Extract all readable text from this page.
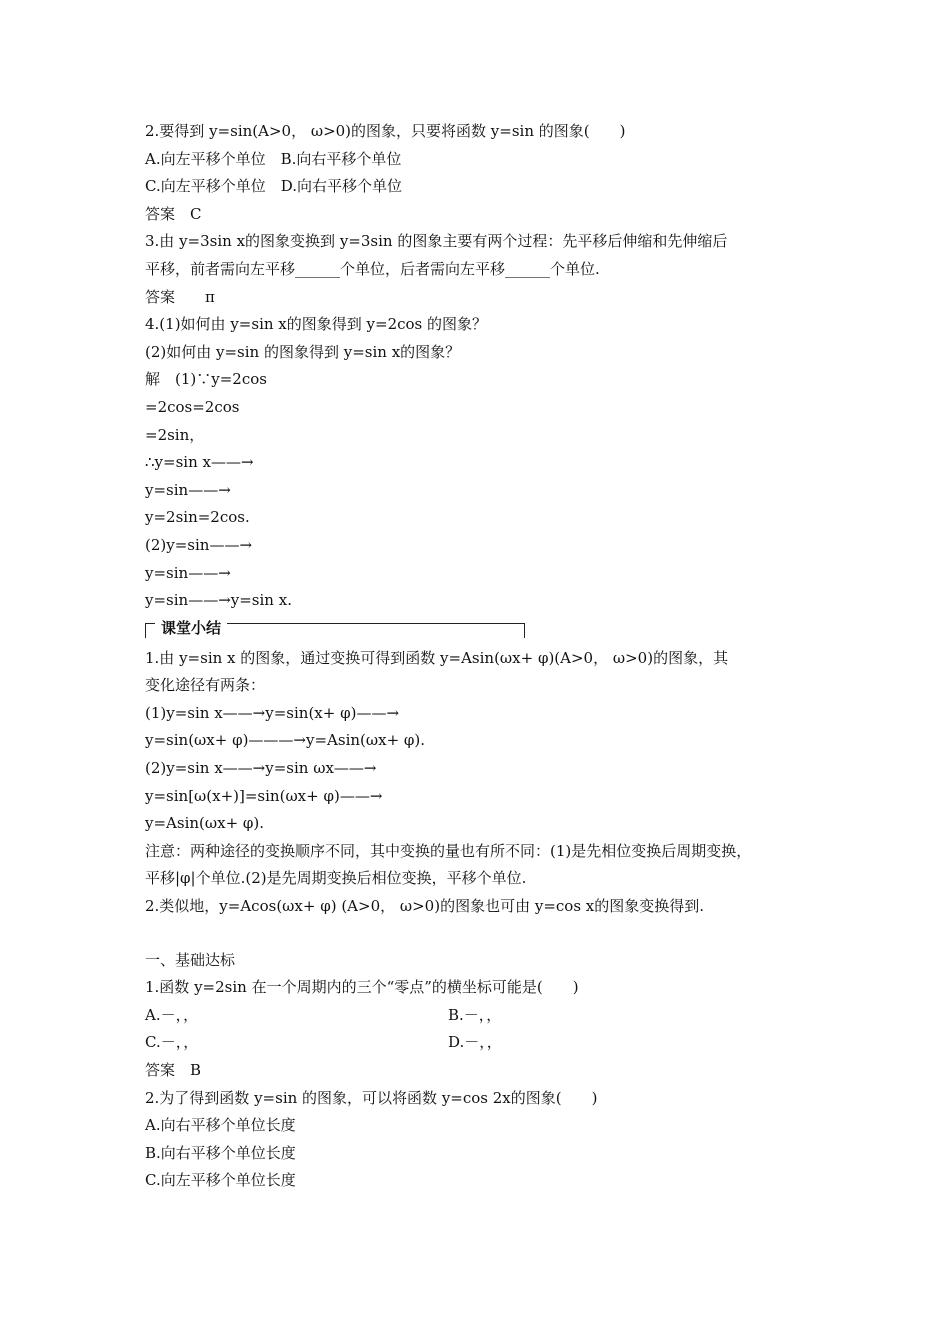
2.要得到 y=sin(A>0， ω>0)的图象，只要将函数 y=sin 的图象(　　)
A.向左平移个单位　B.向右平移个单位
C.向左平移个单位　D.向右平移个单位
答案　C
3.由 y=3sin x的图象变换到 y=3sin 的图象主要有两个过程：先平移后伸缩和先伸缩后
平移，前者需向左平移______个单位，后者需向左平移______个单位.
答案　　π
4.(1)如何由 y=sin x的图象得到 y=2cos 的图象？
(2)如何由 y=sin 的图象得到 y=sin x的图象？
解　(1)∵y=2cos
=2cos=2cos
=2sin，
∴y=sin x——→
y=sin——→
y=2sin=2cos.
(2)y=sin——→
y=sin——→
y=sin——→y=sin x.
课堂小结
1.由 y=sin x 的图象，通过变换可得到函数 y=Asin(ωx+ φ)(A>0， ω>0)的图象，其
变化途径有两条：
(1)y=sin x——→y=sin(x+ φ)——→
y=sin(ωx+ φ)———→y=Asin(ωx+ φ).
(2)y=sin x——→y=sin ωx——→
y=sin[ω(x+)]=sin(ωx+ φ)——→
y=Asin(ωx+ φ).
注意：两种途径的变换顺序不同，其中变换的量也有所不同：(1)是先相位变换后周期变换，
平移|φ|个单位.(2)是先周期变换后相位变换，平移个单位.
2.类似地，y=Acos(ωx+ φ) (A>0， ω>0)的图象也可由 y=cos x的图象变换得到.
一、基础达标
1.函数 y=2sin 在一个周期内的三个“零点”的横坐标可能是(　　)
A.－，，	B.－，，
C.－，，	D.－，，
答案　B
2.为了得到函数 y=sin 的图象，可以将函数 y=cos 2x的图象(　　)
A.向右平移个单位长度
B.向右平移个单位长度
C.向左平移个单位长度
